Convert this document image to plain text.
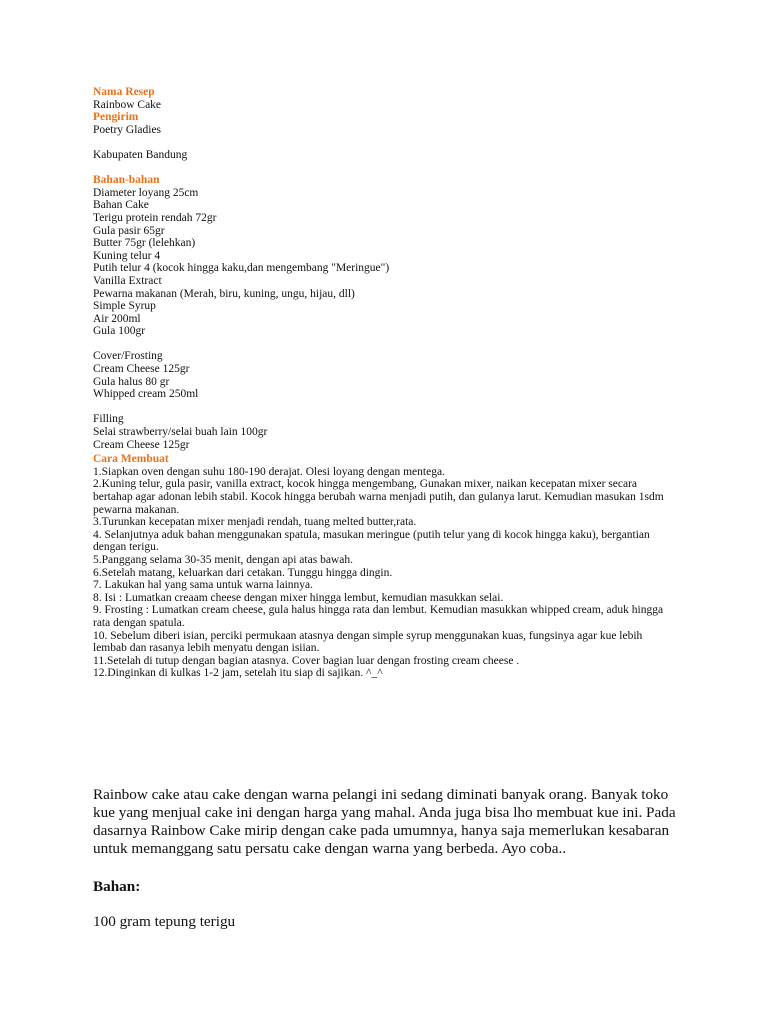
Nama Resep
Rainbow Cake
Pengirim
Poetry Gladies
Kabupaten Bandung
Bahan-bahan
Diameter loyang 25cm
Bahan Cake
Terigu protein rendah 72gr
Gula pasir 65gr
Butter 75gr (lelehkan)
Kuning telur 4
Putih telur 4 (kocok hingga kaku,dan mengembang "Meringue")
Vanilla Extract
Pewarna makanan (Merah, biru, kuning, ungu, hijau, dll)
Simple Syrup
Air 200ml
Gula 100gr
Cover/Frosting
Cream Cheese 125gr
Gula halus 80 gr
Whipped cream 250ml
Filling
Selai strawberry/selai buah lain 100gr
Cream Cheese 125gr
Cara Membuat
1.Siapkan oven dengan suhu 180-190 derajat. Olesi loyang dengan mentega.
2.Kuning telur, gula pasir, vanilla extract, kocok hingga mengembang, Gunakan mixer, naikan kecepatan mixer secara bertahap agar adonan lebih stabil. Kocok hingga berubah warna menjadi putih, dan gulanya larut. Kemudian masukan 1sdm pewarna makanan.
3.Turunkan kecepatan mixer menjadi rendah, tuang melted butter,rata.
4. Selanjutnya aduk bahan menggunakan spatula, masukan meringue (putih telur yang di kocok hingga kaku), bergantian dengan terigu.
5.Panggang selama 30-35 menit, dengan api atas bawah.
6.Setelah matang, keluarkan dari cetakan. Tunggu hingga dingin.
7. Lakukan hal yang sama untuk warna lainnya.
8. Isi : Lumatkan creaam cheese dengan mixer hingga lembut, kemudian masukkan selai.
9. Frosting : Lumatkan cream cheese, gula halus hingga rata dan lembut. Kemudian masukkan whipped cream, aduk hingga rata dengan spatula.
10. Sebelum diberi isian, perciki permukaan atasnya dengan simple syrup menggunakan kuas, fungsinya agar kue lebih lembab dan rasanya lebih menyatu dengan isiian.
11.Setelah di tutup dengan bagian atasnya. Cover bagian luar dengan frosting cream cheese .
12.Dinginkan di kulkas 1-2 jam, setelah itu siap di sajikan. ^_^
Rainbow cake atau cake dengan warna pelangi ini sedang diminati banyak orang. Banyak toko kue yang menjual cake ini dengan harga yang mahal. Anda juga bisa lho membuat kue ini. Pada dasarnya Rainbow Cake mirip dengan cake pada umumnya, hanya saja memerlukan kesabaran untuk memanggang satu persatu cake dengan warna yang berbeda. Ayo coba..
Bahan:
100 gram tepung terigu
